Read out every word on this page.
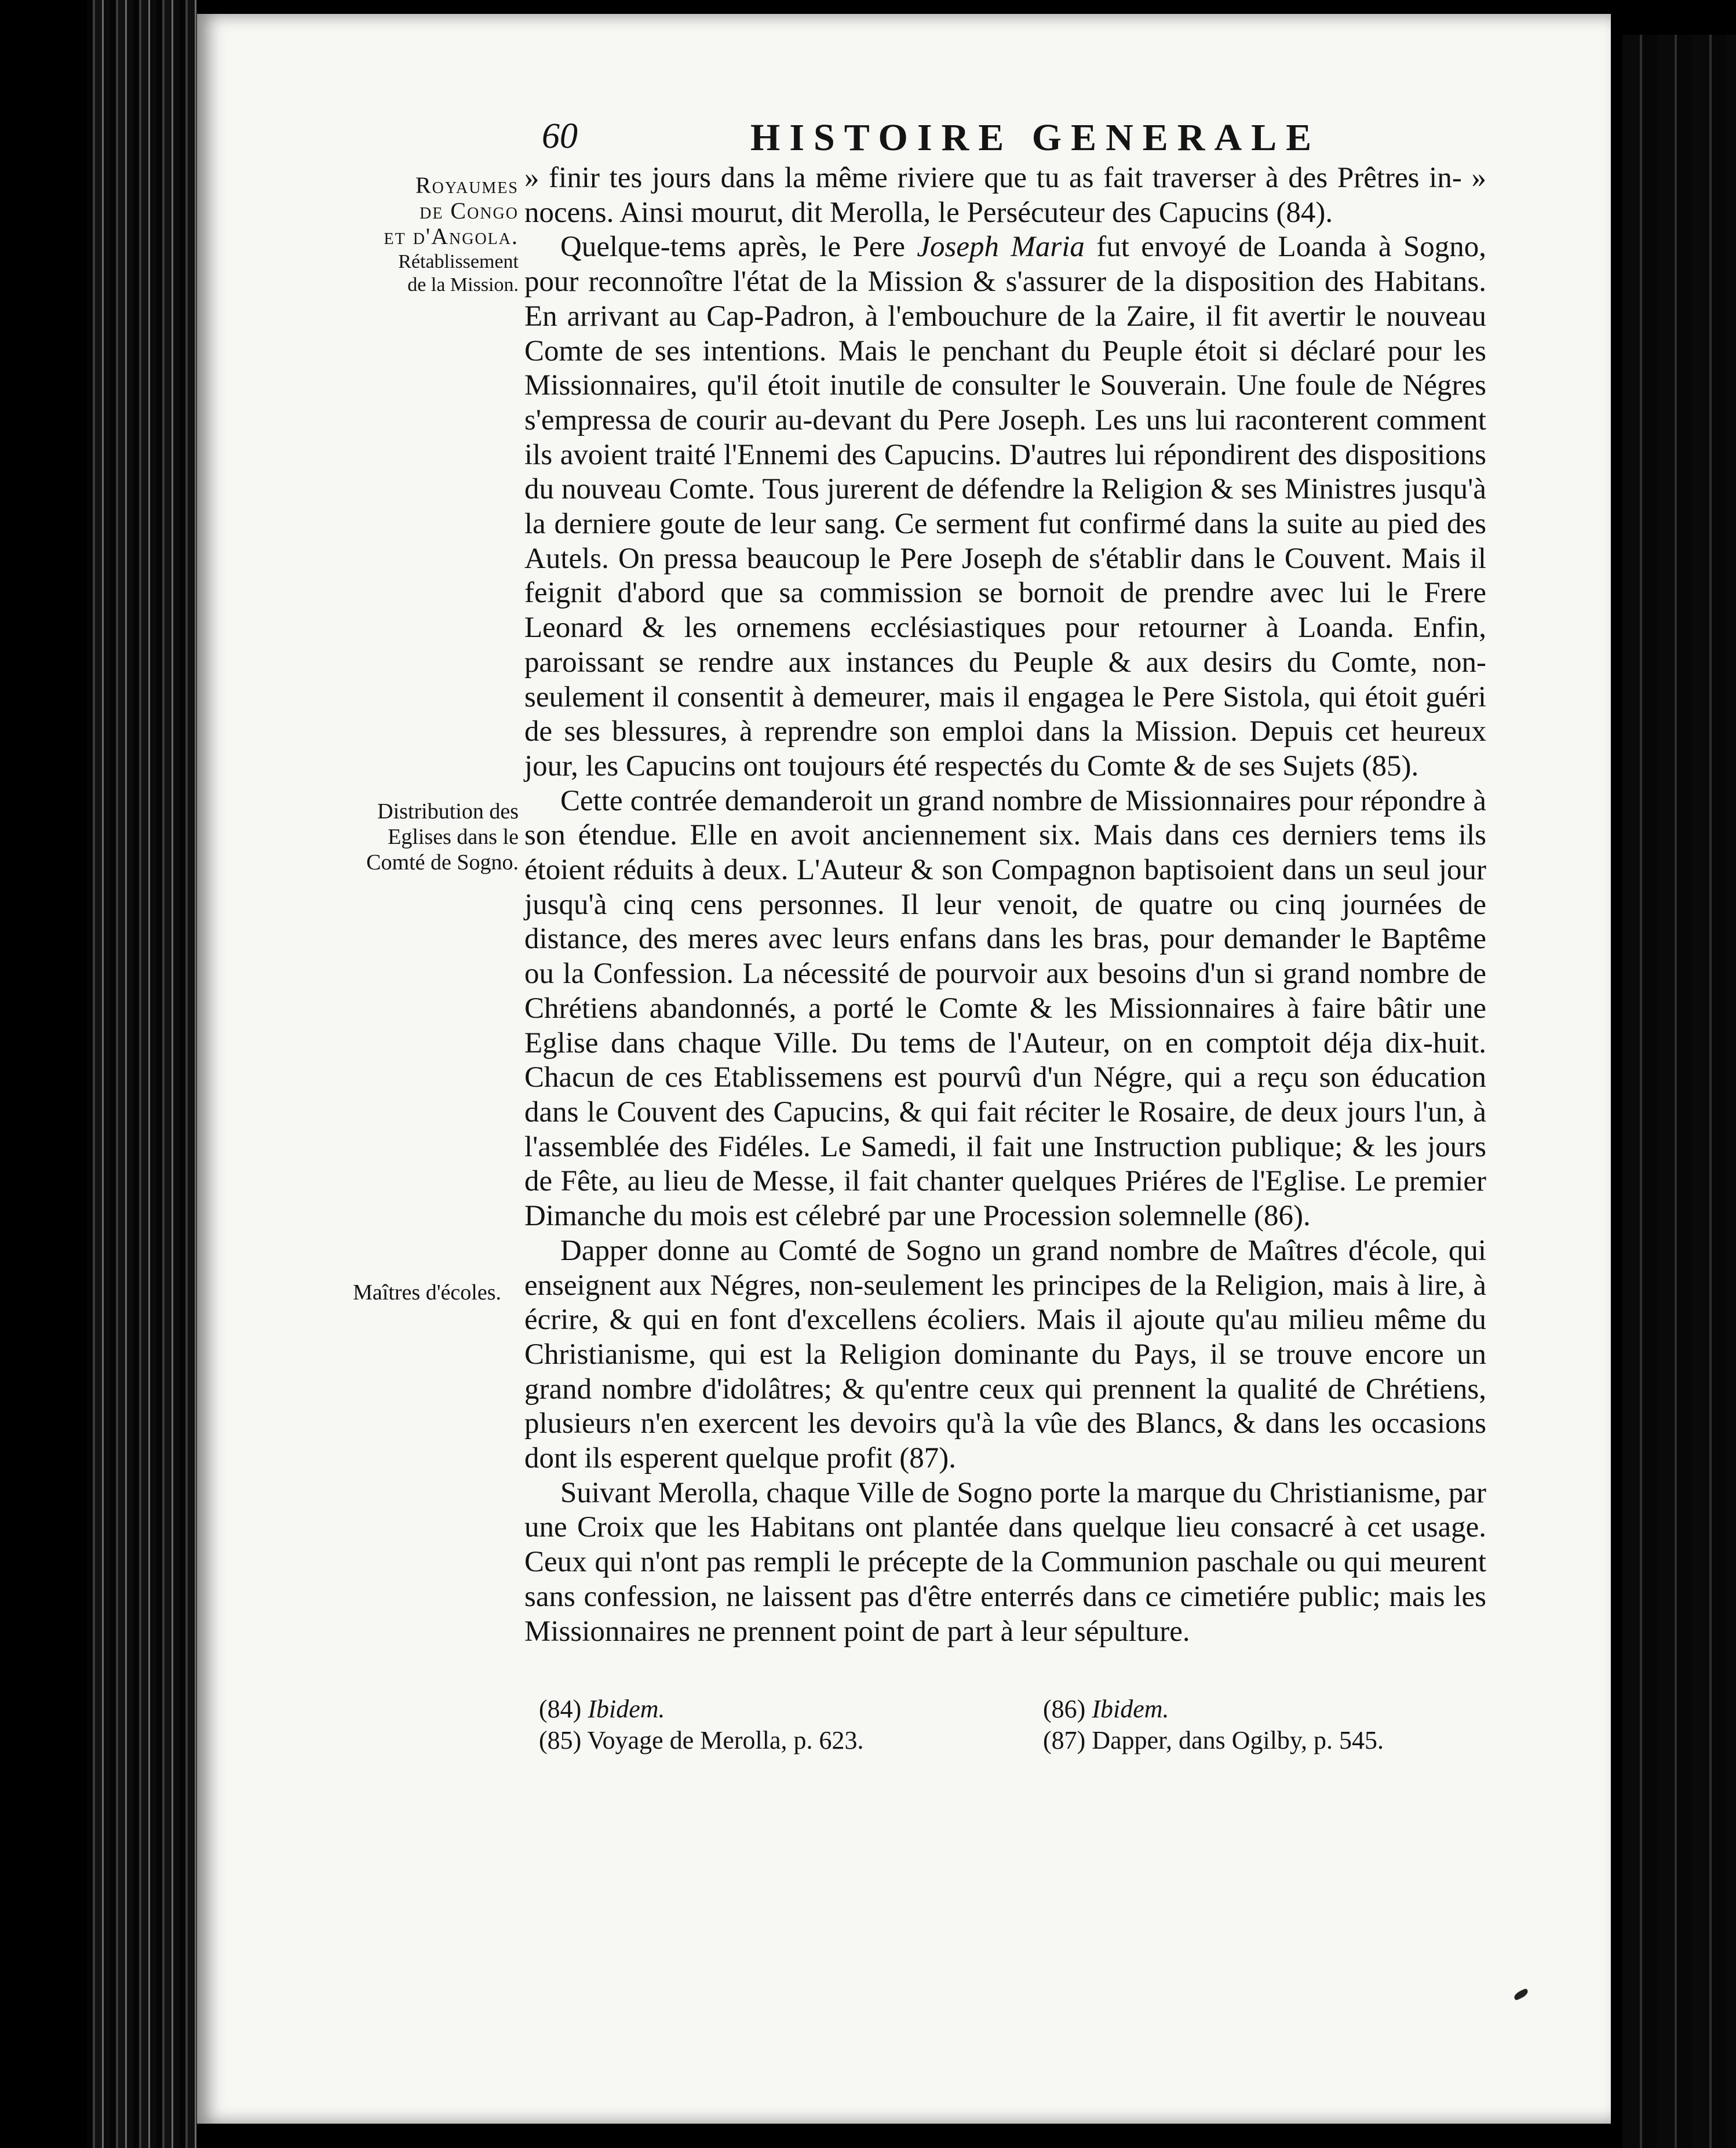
60	HISTOIRE GENERALE
Royaumes
de Congo
et d'Angola.
Rétablissement
de la Mission.
Distribution des
Eglises dans le
Comté de Sogno.
Maîtres d'écoles.

» finir tes jours dans la même riviere que tu as fait traverser à des Prêtres in- » nocens. Ainsi mourut, dit Merolla, le Persécuteur des Capucins (84).

Quelque-tems après, le Pere Joseph Maria fut envoyé de Loanda à Sogno, pour reconnoître l'état de la Mission & s'assurer de la disposition des Habitans. En arrivant au Cap-Padron, à l'embouchure de la Zaire, il fit avertir le nouveau Comte de ses intentions. Mais le penchant du Peuple étoit si déclaré pour les Missionnaires, qu'il étoit inutile de consulter le Souverain. Une foule de Négres s'empressa de courir au-devant du Pere Joseph. Les uns lui raconterent comment ils avoient traité l'Ennemi des Capucins. D'autres lui répondirent des dispositions du nouveau Comte. Tous jurerent de défendre la Religion & ses Ministres jusqu'à la derniere goute de leur sang. Ce serment fut confirmé dans la suite au pied des Autels. On pressa beaucoup le Pere Joseph de s'établir dans le Couvent. Mais il feignit d'abord que sa commission se bornoit de prendre avec lui le Frere Leonard & les ornemens ecclésiastiques pour retourner à Loanda. Enfin, paroissant se rendre aux instances du Peuple & aux desirs du Comte, non-seulement il consentit à demeurer, mais il engagea le Pere Sistola, qui étoit guéri de ses blessures, à reprendre son emploi dans la Mission. Depuis cet heureux jour, les Capucins ont toujours été respectés du Comte & de ses Sujets (85).

Cette contrée demanderoit un grand nombre de Missionnaires pour répondre à son étendue. Elle en avoit anciennement six. Mais dans ces derniers tems ils étoient réduits à deux. L'Auteur & son Compagnon baptisoient dans un seul jour jusqu'à cinq cens personnes. Il leur venoit, de quatre ou cinq journées de distance, des meres avec leurs enfans dans les bras, pour demander le Baptême ou la Confession. La nécessité de pourvoir aux besoins d'un si grand nombre de Chrétiens abandonnés, a porté le Comte & les Missionnaires à faire bâtir une Eglise dans chaque Ville. Du tems de l'Auteur, on en comptoit déja dix-huit. Chacun de ces Etablissemens est pourvû d'un Négre, qui a reçu son éducation dans le Couvent des Capucins, & qui fait réciter le Rosaire, de deux jours l'un, à l'assemblée des Fidéles. Le Samedi, il fait une Instruction publique; & les jours de Fête, au lieu de Messe, il fait chanter quelques Priéres de l'Eglise. Le premier Dimanche du mois est célebré par une Procession solemnelle (86).

Dapper donne au Comté de Sogno un grand nombre de Maîtres d'école, qui enseignent aux Négres, non-seulement les principes de la Religion, mais à lire, à écrire, & qui en font d'excellens écoliers. Mais il ajoute qu'au milieu même du Christianisme, qui est la Religion dominante du Pays, il se trouve encore un grand nombre d'idolâtres; & qu'entre ceux qui prennent la qualité de Chrétiens, plusieurs n'en exercent les devoirs qu'à la vûe des Blancs, & dans les occasions dont ils esperent quelque profit (87).

Suivant Merolla, chaque Ville de Sogno porte la marque du Christianisme, par une Croix que les Habitans ont plantée dans quelque lieu consacré à cet usage. Ceux qui n'ont pas rempli le précepte de la Communion paschale ou qui meurent sans confession, ne laissent pas d'être enterrés dans ce cimetiére public; mais les Missionnaires ne prennent point de part à leur sépulture.

(84) Ibidem.
(85) Voyage de Merolla, p. 623.
(86) Ibidem.
(87) Dapper, dans Ogilby, p. 545.
